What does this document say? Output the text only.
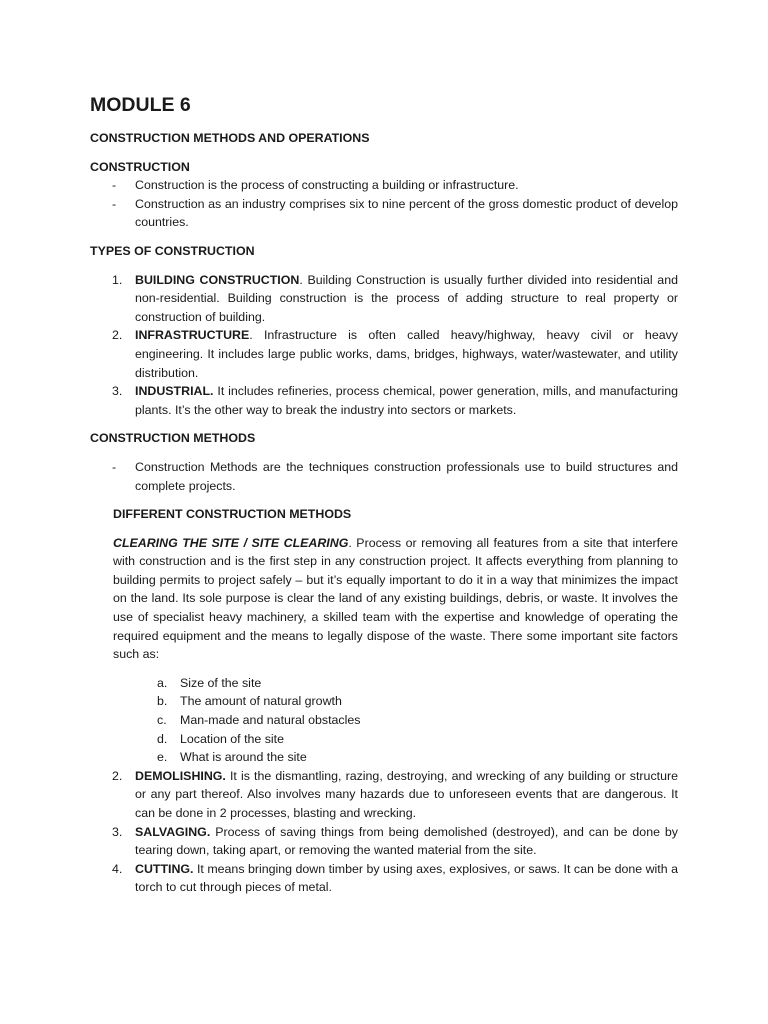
MODULE 6

CONSTRUCTION METHODS AND OPERATIONS

CONSTRUCTION

-	Construction is the process of constructing a building or infrastructure.
-	Construction as an industry comprises six to nine percent of the gross domestic product of develop countries.

TYPES OF CONSTRUCTION

1.	BUILDING CONSTRUCTION. Building Construction is usually further divided into residential and non-residential. Building construction is the process of adding structure to real property or construction of building.
2.	INFRASTRUCTURE. Infrastructure is often called heavy/highway, heavy civil or heavy engineering. It includes large public works, dams, bridges, highways, water/wastewater, and utility distribution.
3.	INDUSTRIAL. It includes refineries, process chemical, power generation, mills, and manufacturing plants. It’s the other way to break the industry into sectors or markets.

CONSTRUCTION METHODS

-	Construction Methods are the techniques construction professionals use to build structures and complete projects.

DIFFERENT CONSTRUCTION METHODS

CLEARING THE SITE / SITE CLEARING. Process or removing all features from a site that interfere with construction and is the first step in any construction project. It affects everything from planning to building permits to project safely – but it’s equally important to do it in a way that minimizes the impact on the land. Its sole purpose is clear the land of any existing buildings, debris, or waste. It involves the use of specialist heavy machinery, a skilled team with the expertise and knowledge of operating the required equipment and the means to legally dispose of the waste. There some important site factors such as:

a.	Size of the site
b.	The amount of natural growth
c.	Man-made and natural obstacles
d.	Location of the site
e.	What is around the site
2.	DEMOLISHING. It is the dismantling, razing, destroying, and wrecking of any building or structure or any part thereof. Also involves many hazards due to unforeseen events that are dangerous. It can be done in 2 processes, blasting and wrecking.
3.	SALVAGING. Process of saving things from being demolished (destroyed), and can be done by tearing down, taking apart, or removing the wanted material from the site.
4.	CUTTING. It means bringing down timber by using axes, explosives, or saws. It can be done with a torch to cut through pieces of metal.
